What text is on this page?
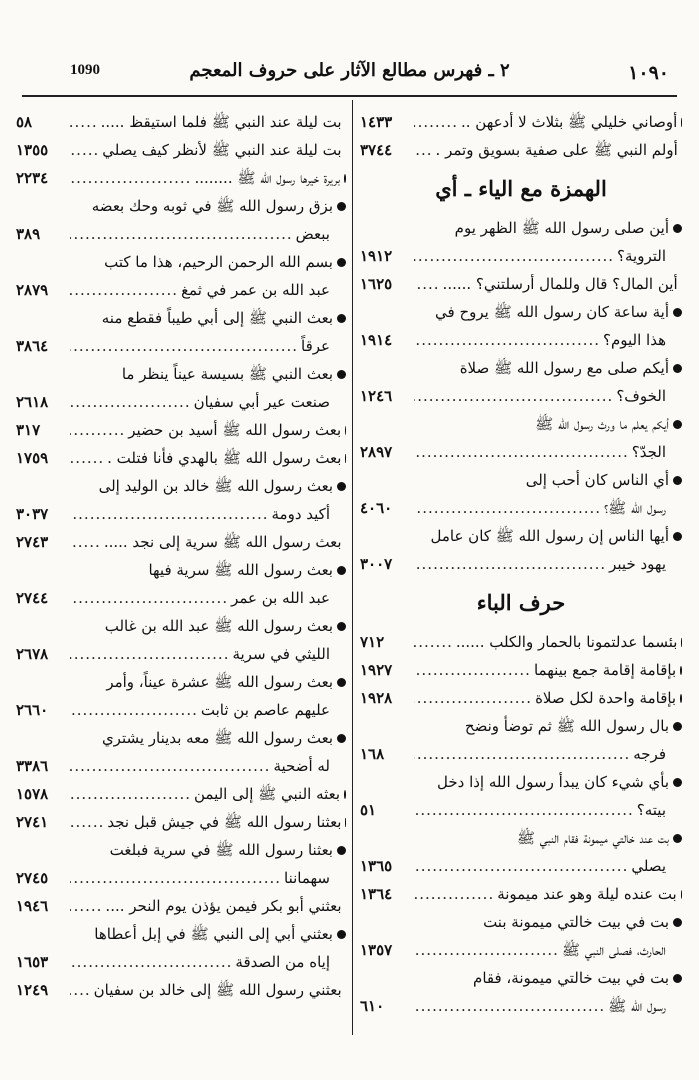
1090	٢ ـ فهرس مطالع الآثار على حروف المعجم	١٠٩٠
أوصاني خليلي ﷺ بثلاث لا أدعهن ..
.....
١٤٣٣
أولم النبي ﷺ على صفية بسويق وتمر .
.....
٣٧٤٤
الهمزة مع الياء ـ أي
أين صلى رسول الله ﷺ الظهر يوم
التروية؟
.....
١٩١٢
أين المال؟ قال وللمال أرسلتني؟ ......
.....
١٦٢٥
أية ساعة كان رسول الله ﷺ يروح في
هذا اليوم؟
.....
١٩١٤
أيكم صلى مع رسول الله ﷺ صلاة
الخوف؟
.....
١٢٤٦
أيكم يعلم ما ورث رسول الله ﷺ
الجدّ؟
.....
٢٨٩٧
أي الناس كان أحب إلى
رسول الله ﷺ؟
.....
٤٠٦٠
أيها الناس إن رسول الله ﷺ كان عامل
يهود خيبر
.....
٣٠٠٧
حرف الباء
بئسما عدلتمونا بالحمار والكلب ......
.....
٧١٢
بإقامة إقامة جمع بينهما
.....
١٩٢٧
بإقامة واحدة لكل صلاة
.....
١٩٢٨
بال رسول الله ﷺ ثم توضأ ونضح
فرجه
.....
١٦٨
بأي شيء كان يبدأ رسول الله إذا دخل
بيته؟
.....
٥١
بت عند خالتي ميمونة فقام النبي ﷺ
يصلي
.....
١٣٦٥
بت عنده ليلة وهو عند ميمونة
.....
١٣٦٤
بت في بيت خالتي ميمونة بنت
الحارث، فصلى النبي ﷺ
.....
١٣٥٧
بت في بيت خالتي ميمونة، فقام
رسول الله ﷺ
.....
٦١٠
بت ليلة عند النبي ﷺ فلما استيقظ .....
.....
٥٨
بت ليلة عند النبي ﷺ لأنظر كيف يصلي
.....
١٣٥٥
بريرة خيرها رسول الله ﷺ ........
.....
٢٢٣٤
بزق رسول الله ﷺ في ثوبه وحك بعضه
ببعض
.....
٣٨٩
بسم الله الرحمن الرحيم، هذا ما كتب
عبد الله بن عمر في ثمغ
.....
٢٨٧٩
بعث النبي ﷺ إلى أبي طيباً فقطع منه
عرقاً
.....
٣٨٦٤
بعث النبي ﷺ بسيسة عيناً ينظر ما
صنعت عير أبي سفيان
.....
٢٦١٨
بعث رسول الله ﷺ أسيد بن حضير
.....
٣١٧
بعث رسول الله ﷺ بالهدي فأنا فتلت .
.....
١٧٥٩
بعث رسول الله ﷺ خالد بن الوليد إلى
أكيد دومة
.....
٣٠٣٧
بعث رسول الله ﷺ سرية إلى نجد .....
.....
٢٧٤٣
بعث رسول الله ﷺ سرية فيها
عبد الله بن عمر
.....
٢٧٤٤
بعث رسول الله ﷺ عبد الله بن غالب
الليثي في سرية
.....
٢٦٧٨
بعث رسول الله ﷺ عشرة عيناً، وأمر
عليهم عاصم بن ثابت
.....
٢٦٦٠
بعث رسول الله ﷺ معه بدينار يشتري
له أضحية
.....
٣٣٨٦
بعثه النبي ﷺ إلى اليمن
.....
١٥٧٨
بعثنا رسول الله ﷺ في جيش قبل نجد
.....
٢٧٤١
بعثنا رسول الله ﷺ في سرية فبلغت
سهماننا
.....
٢٧٤٥
بعثني أبو بكر فيمن يؤذن يوم النحر ....
.....
١٩٤٦
بعثني أبي إلى النبي ﷺ في إبل أعطاها
إياه من الصدقة
.....
١٦٥٣
بعثني رسول الله ﷺ إلى خالد بن سفيان
.....
١٢٤٩
